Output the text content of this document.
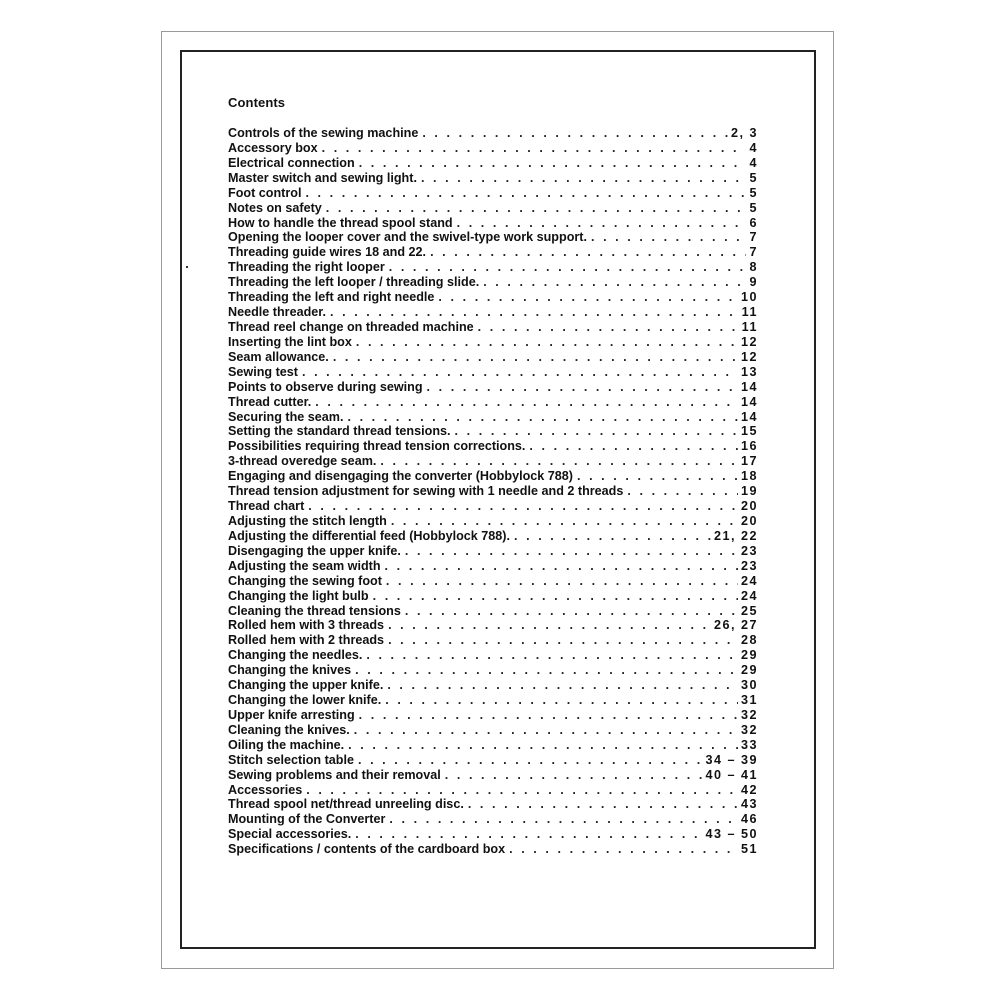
Contents
Controls of the sewing machine .....	2, 3
Accessory box .....	4
Electrical connection .....	4
Master switch and sewing light. .....	5
Foot control .....	5
Notes on safety .....	5
How to handle the thread spool stand .....	6
Opening the looper cover and the swivel-type work support. .....	7
Threading guide wires 18 and 22. .....	7
Threading the right looper .....	8
Threading the left looper / threading slide. .....	9
Threading the left and right needle .....	10
Needle threader. .....	11
Thread reel change on threaded machine .....	11
Inserting the lint box .....	12
Seam allowance. .....	12
Sewing test .....	13
Points to observe during sewing .....	14
Thread cutter. .....	14
Securing the seam. .....	14
Setting the standard thread tensions. .....	15
Possibilities requiring thread tension corrections. .....	16
3-thread overedge seam. .....	17
Engaging and disengaging the converter (Hobbylock 788) .....	18
Thread tension adjustment for sewing with 1 needle and 2 threads .....	19
Thread chart .....	20
Adjusting the stitch length .....	20
Adjusting the differential feed (Hobbylock 788). .....	21, 22
Disengaging the upper knife. .....	23
Adjusting the seam width .....	23
Changing the sewing foot .....	24
Changing the light bulb .....	24
Cleaning the thread tensions .....	25
Rolled hem with 3 threads .....	26, 27
Rolled hem with 2 threads .....	28
Changing the needles. .....	29
Changing the knives .....	29
Changing the upper knife. .....	30
Changing the lower knife. .....	31
Upper knife arresting .....	32
Cleaning the knives. .....	32
Oiling the machine. .....	33
Stitch selection table .....	34 – 39
Sewing problems and their removal .....	40 – 41
Accessories .....	42
Thread spool net/thread unreeling disc. .....	43
Mounting of the Converter .....	46
Special accessories. .....	43 – 50
Specifications / contents of the cardboard box .....	51
